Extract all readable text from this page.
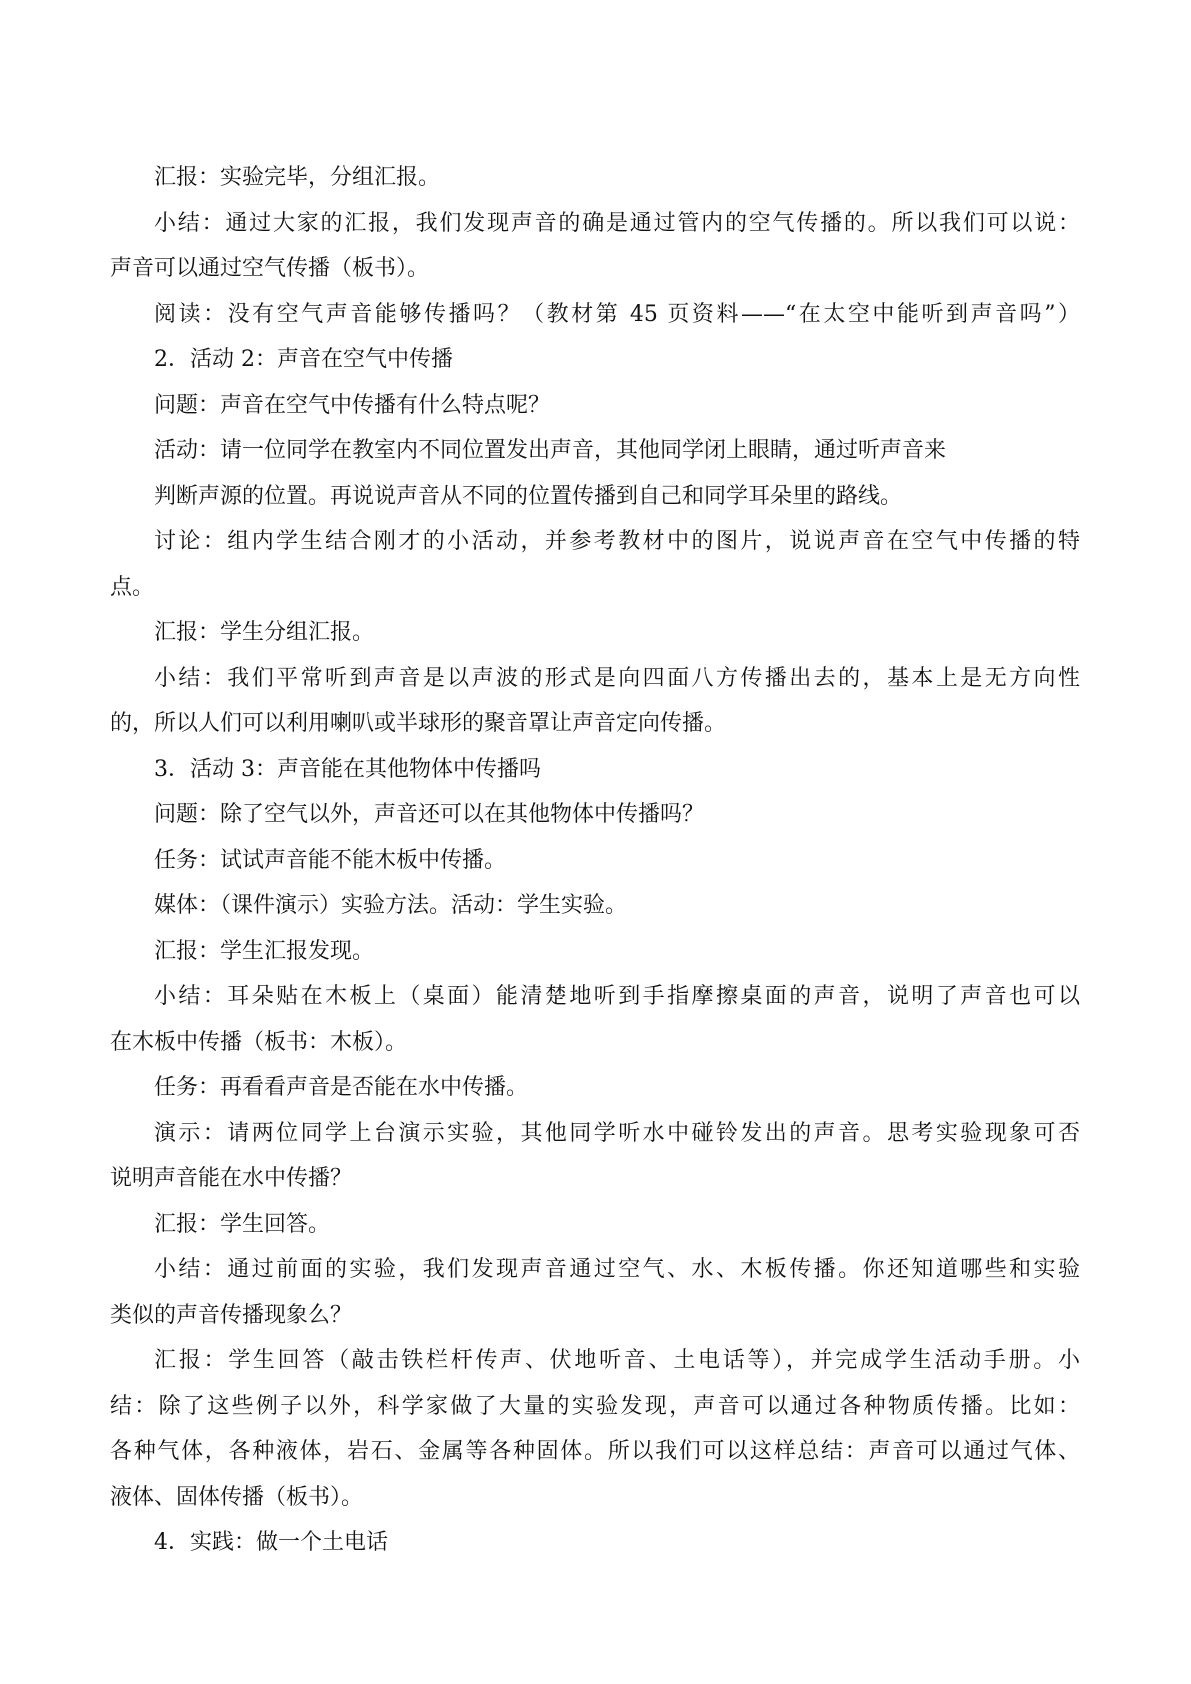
汇报：实验完毕，分组汇报。

小结：通过大家的汇报，我们发现声音的确是通过管内的空气传播的。所以我们可以说：

声音可以通过空气传播（板书）。

阅读：没有空气声音能够传播吗？（教材第 45 页资料——“在太空中能听到声音吗”）

2．活动 2：声音在空气中传播

问题：声音在空气中传播有什么特点呢？

活动：请一位同学在教室内不同位置发出声音，其他同学闭上眼睛，通过听声音来

判断声源的位置。再说说声音从不同的位置传播到自己和同学耳朵里的路线。

讨论：组内学生结合刚才的小活动，并参考教材中的图片，说说声音在空气中传播的特

点。

汇报：学生分组汇报。

小结：我们平常听到声音是以声波的形式是向四面八方传播出去的，基本上是无方向性

的，所以人们可以利用喇叭或半球形的聚音罩让声音定向传播。

3．活动 3：声音能在其他物体中传播吗

问题：除了空气以外，声音还可以在其他物体中传播吗？

任务：试试声音能不能木板中传播。

媒体：（课件演示）实验方法。活动：学生实验。

汇报：学生汇报发现。

小结：耳朵贴在木板上（桌面）能清楚地听到手指摩擦桌面的声音，说明了声音也可以

在木板中传播（板书：木板）。

任务：再看看声音是否能在水中传播。

演示：请两位同学上台演示实验，其他同学听水中碰铃发出的声音。思考实验现象可否

说明声音能在水中传播？

汇报：学生回答。

小结：通过前面的实验，我们发现声音通过空气、水、木板传播。你还知道哪些和实验

类似的声音传播现象么？

汇报：学生回答（敲击铁栏杆传声、伏地听音、土电话等），并完成学生活动手册。小

结：除了这些例子以外，科学家做了大量的实验发现，声音可以通过各种物质传播。比如：

各种气体，各种液体，岩石、金属等各种固体。所以我们可以这样总结：声音可以通过气体、

液体、固体传播（板书）。

4．实践：做一个土电话
